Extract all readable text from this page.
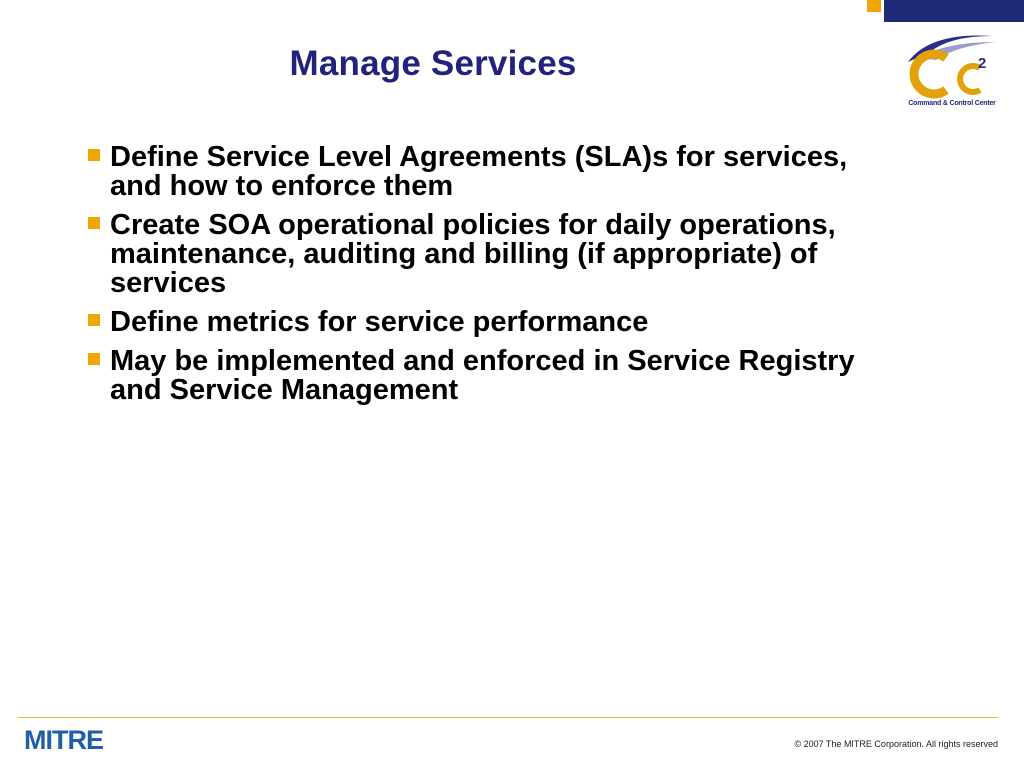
Manage Services	2
Command & Control Center
Define Service Level Agreements (SLA)s for services, and how to enforce them
Create SOA operational policies for daily operations, maintenance, auditing and billing (if appropriate) of services
Define metrics for service performance
May be implemented and enforced in Service Registry and Service Management
MITRE	© 2007 The MITRE Corporation. All rights reserved
